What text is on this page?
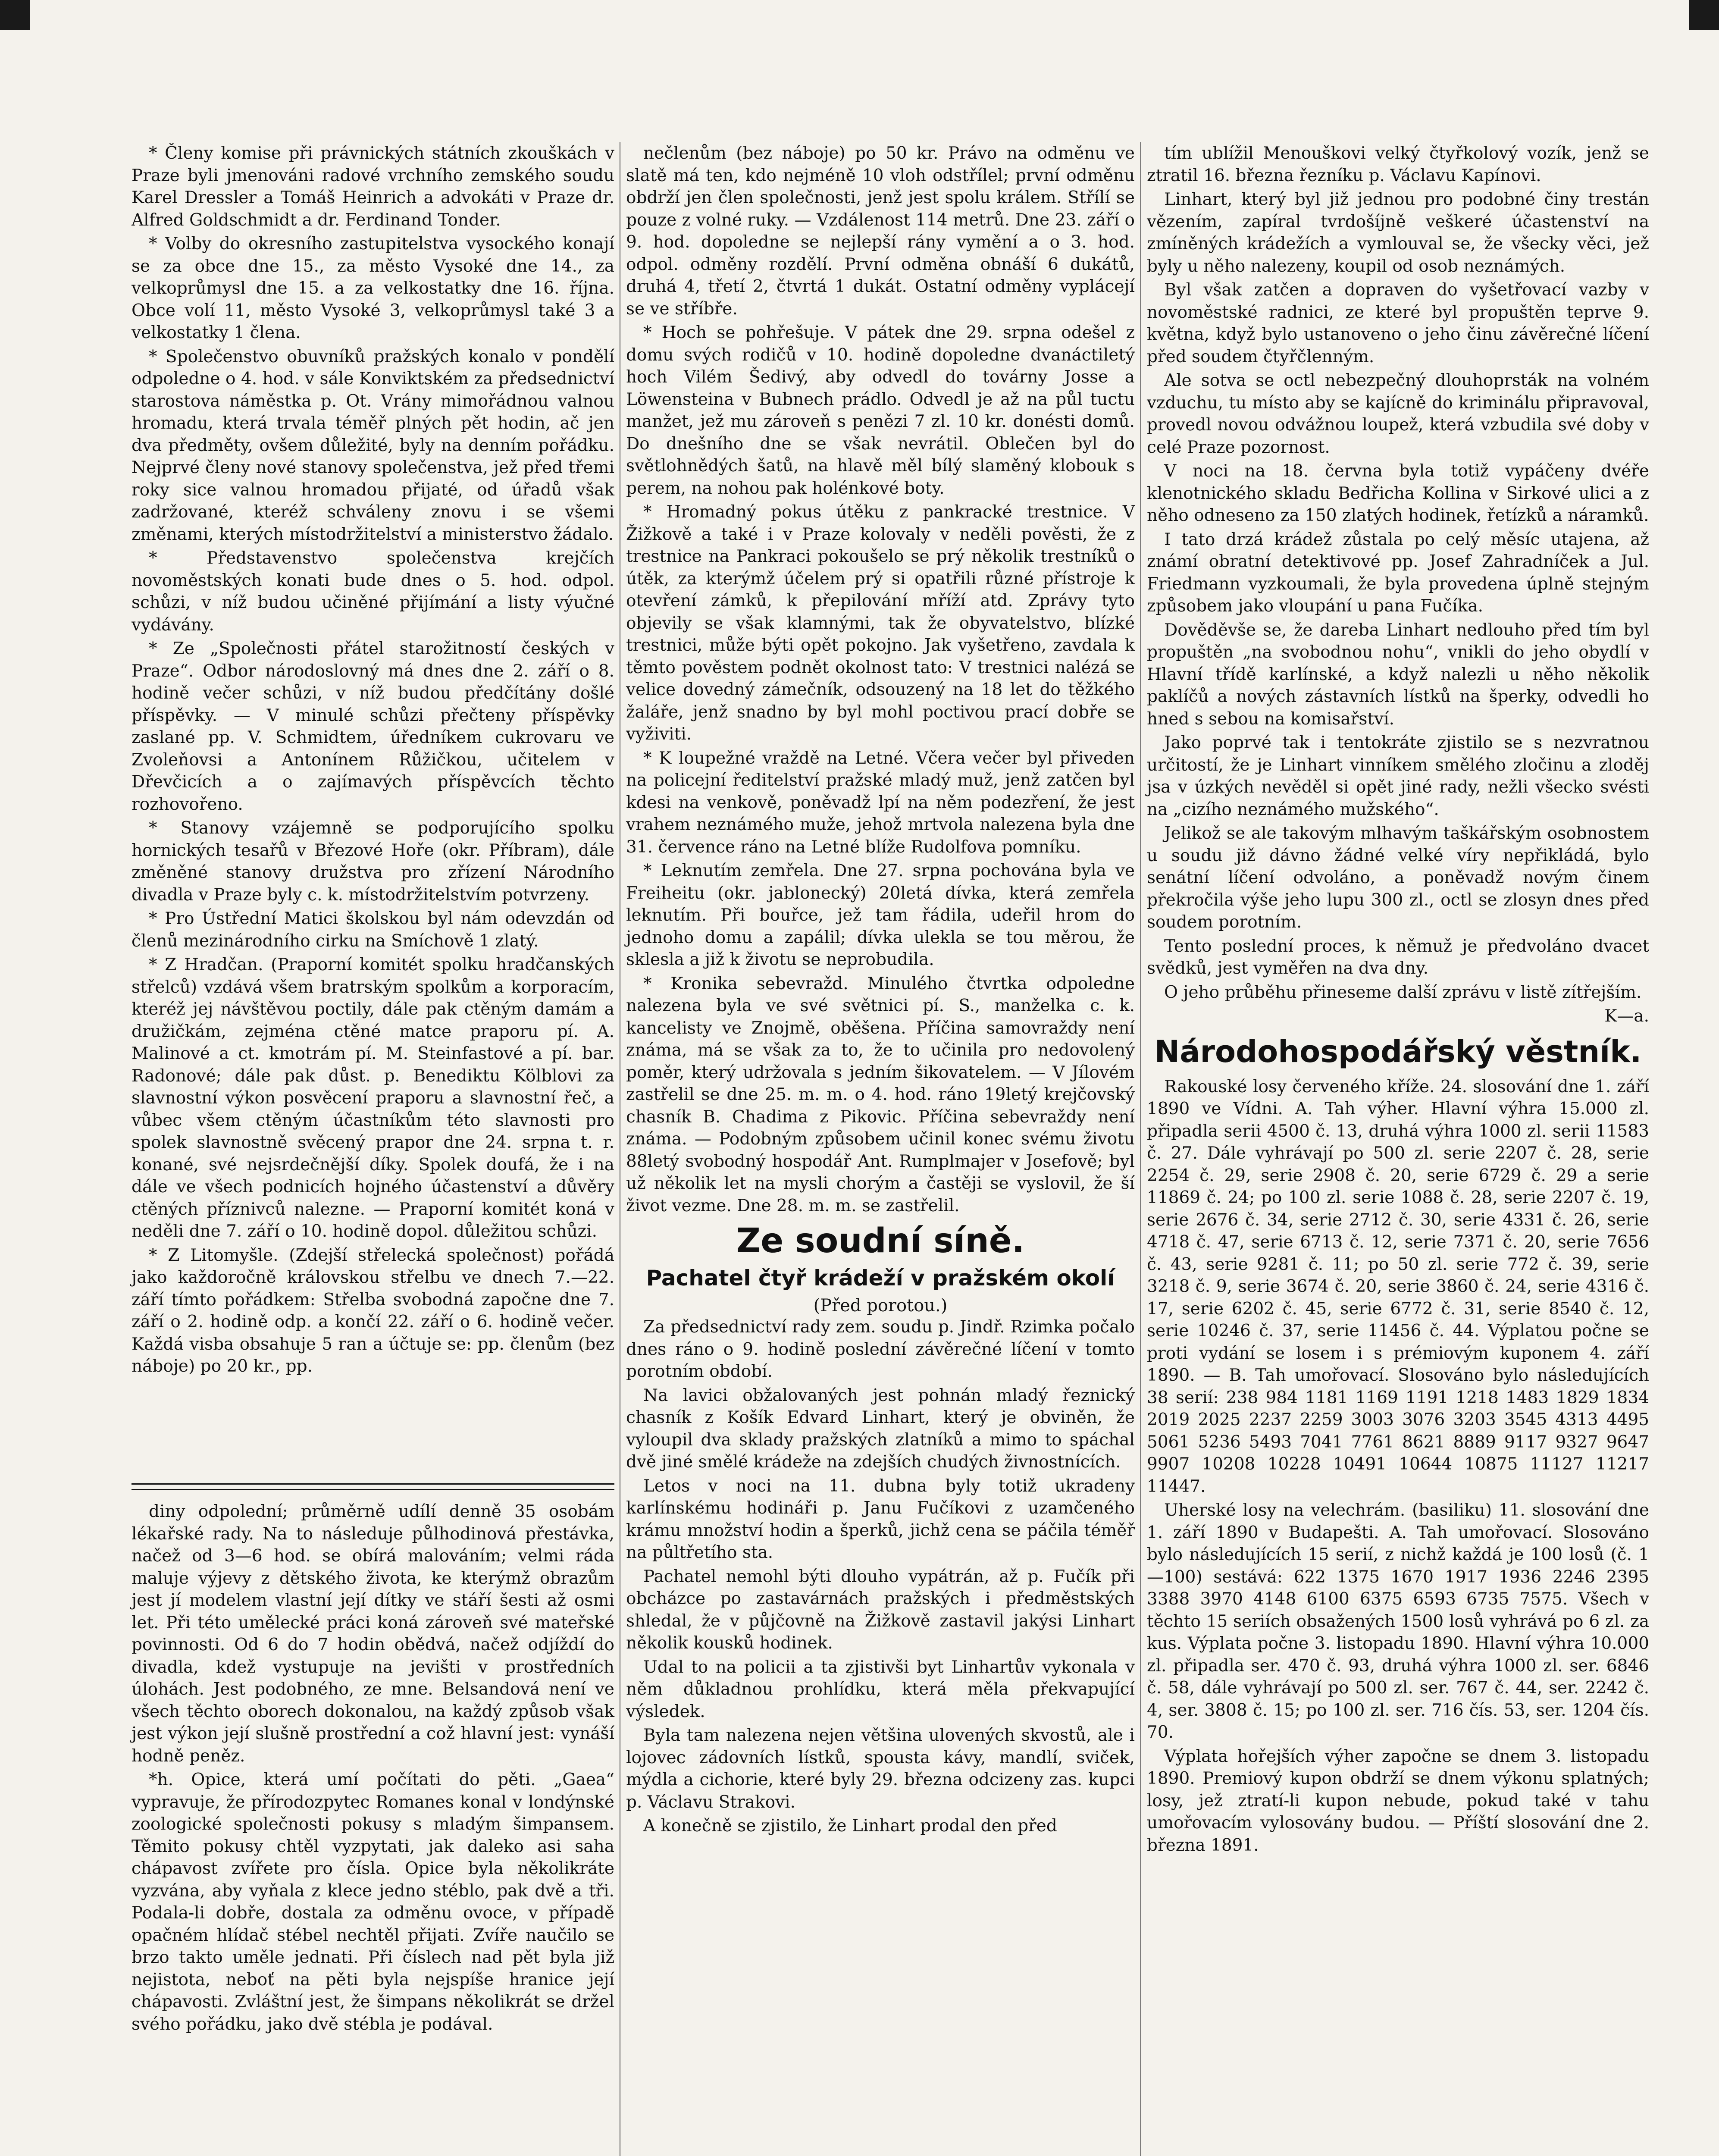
* Členy komise při právnických státních zkouškách v Praze byli jmenováni radové vrchního zemského soudu Karel Dressler a Tomáš Heinrich a advokáti v Praze dr. Alfred Goldschmidt a dr. Ferdinand Tonder.

* Volby do okresního zastupitelstva vysockého konají se za obce dne 15., za město Vysoké dne 14., za velkoprůmysl dne 15. a za velkostatky dne 16. října. Obce volí 11, město Vysoké 3, velkoprůmysl také 3 a velkostatky 1 člena.

* Společenstvo obuvníků pražských konalo v pondělí odpoledne o 4. hod. v sále Konviktském za předsednictví starostova náměstka p. Ot. Vrány mimořádnou valnou hromadu, která trvala téměř plných pět hodin, ač jen dva předměty, ovšem důležité, byly na denním pořádku. Nejprvé členy nové stanovy společenstva, jež před třemi roky sice valnou hromadou přijaté, od úřadů však zadržované, kteréž schváleny znovu i se všemi změnami, kterých místodržitelství a ministerstvo žádalo.

* Představenstvo společenstva krejčích novoměstských konati bude dnes o 5. hod. odpol. schůzi, v níž budou učiněné přijímání a listy výučné vydávány.

* Ze „Společnosti přátel starožitností českých v Praze“. Odbor národoslovný má dnes dne 2. září o 8. hodině večer schůzi, v níž budou předčítány došlé příspěvky. — V minulé schůzi přečteny příspěvky zaslané pp. V. Schmidtem, úředníkem cukrovaru ve Zvoleňovsi a Antonínem Růžičkou, učitelem v Dřevčicích a o zajímavých příspěvcích těchto rozhovořeno.

* Stanovy vzájemně se podporujícího spolku hornických tesařů v Březové Hoře (okr. Příbram), dále změněné stanovy družstva pro zřízení Národního divadla v Praze byly c. k. místodržitelstvím potvrzeny.

* Pro Ústřední Matici školskou byl nám odevzdán od členů mezinárodního cirku na Smíchově 1 zlatý.

* Z Hradčan. (Praporní komitét spolku hradčanských střelců) vzdává všem bratrským spolkům a korporacím, kteréž jej návštěvou poctily, dále pak ctěným damám a družičkám, zejména ctěné matce praporu pí. A. Malinové a ct. kmotrám pí. M. Steinfastové a pí. bar. Radonové; dále pak důst. p. Benediktu Kölblovi za slavnostní výkon posvěcení praporu a slavnostní řeč, a vůbec všem ctěným účastníkům této slavnosti pro spolek slavnostně svěcený prapor dne 24. srpna t. r. konané, své nejsrdečnější díky. Spolek doufá, že i na dále ve všech podnicích hojného účastenství a důvěry ctěných příznivců nalezne. — Praporní komitét koná v neděli dne 7. září o 10. hodině dopol. důležitou schůzi.

* Z Litomyšle. (Zdejší střelecká společnost) pořádá jako každoročně královskou střelbu ve dnech 7.—22. září tímto pořádkem: Střelba svobodná započne dne 7. září o 2. hodině odp. a končí 22. září o 6. hodině večer. Každá visba obsahuje 5 ran a účtuje se: pp. členům (bez náboje) po 20 kr., pp.

diny odpolední; průměrně udílí denně 35 osobám lékařské rady. Na to následuje půlhodinová přestávka, načež od 3—6 hod. se obírá malováním; velmi ráda maluje výjevy z dětského života, ke kterýmž obrazům jest jí modelem vlastní její dítky ve stáří šesti až osmi let. Při této umělecké práci koná zároveň své mateřské povinnosti. Od 6 do 7 hodin obědvá, načež odjíždí do divadla, kdež vystupuje na jevišti v prostředních úlohách. Jest podobného, ze mne. Belsandová není ve všech těchto oborech dokonalou, na každý způsob však jest výkon její slušně prostřední a což hlavní jest: vynáší hodně peněz.

*h. Opice, která umí počítati do pěti. „Gaea“ vypravuje, že přírodozpytec Romanes konal v londýnské zoologické společnosti pokusy s mladým šimpansem. Těmito pokusy chtěl vyzpytati, jak daleko asi saha chápavost zvířete pro čísla. Opice byla několikráte vyzvána, aby vyňala z klece jedno stéblo, pak dvě a tři. Podala-li dobře, dostala za odměnu ovoce, v případě opačném hlídač stébel nechtěl přijati. Zvíře naučilo se brzo takto uměle jednati. Při číslech nad pět byla již nejistota, neboť na pěti byla nejspíše hranice její chápavosti. Zvláštní jest, že šimpans několikrát se držel svého pořádku, jako dvě stébla je podával.

nečlenům (bez náboje) po 50 kr. Právo na odměnu ve slatě má ten, kdo nejméně 10 vloh odstřílel; první odměnu obdrží jen člen společnosti, jenž jest spolu králem. Střílí se pouze z volné ruky. — Vzdálenost 114 metrů. Dne 23. září o 9. hod. dopoledne se nejlepší rány vymění a o 3. hod. odpol. odměny rozdělí. První odměna obnáší 6 dukátů, druhá 4, třetí 2, čtvrtá 1 dukát. Ostatní odměny vyplácejí se ve stříbře.

* Hoch se pohřešuje. V pátek dne 29. srpna odešel z domu svých rodičů v 10. hodině dopoledne dvanáctiletý hoch Vilém Šedivý, aby odvedl do továrny Josse a Löwensteina v Bubnech prádlo. Odvedl je až na půl tuctu manžet, jež mu zároveň s penězi 7 zl. 10 kr. donésti domů. Do dnešního dne se však nevrátil. Oblečen byl do světlohnědých šatů, na hlavě měl bílý slaměný klobouk s perem, na nohou pak holénkové boty.

* Hromadný pokus útěku z pankracké trestnice. V Žižkově a také i v Praze kolovaly v neděli pověsti, že z trestnice na Pankraci pokoušelo se prý několik trestníků o útěk, za kterýmž účelem prý si opatřili různé přístroje k otevření zámků, k přepilování mříží atd. Zprávy tyto objevily se však klamnými, tak že obyvatelstvo, blízké trestnici, může býti opět pokojno. Jak vyšetřeno, zavdala k těmto pověstem podnět okolnost tato: V trestnici nalézá se velice dovedný zámečník, odsouzený na 18 let do těžkého žaláře, jenž snadno by byl mohl poctivou prací dobře se vyživiti.

* K loupežné vraždě na Letné. Včera večer byl přiveden na policejní ředitelství pražské mladý muž, jenž zatčen byl kdesi na venkově, poněvadž lpí na něm podezření, že jest vrahem neznámého muže, jehož mrtvola nalezena byla dne 31. července ráno na Letné blíže Rudolfova pomníku.

* Leknutím zemřela. Dne 27. srpna pochována byla ve Freiheitu (okr. jablonecký) 20letá dívka, která zemřela leknutím. Při bouřce, jež tam řádila, udeřil hrom do jednoho domu a zapálil; dívka ulekla se tou měrou, že sklesla a již k životu se neprobudila.

* Kronika sebevražd. Minulého čtvrtka odpoledne nalezena byla ve své světnici pí. S., manželka c. k. kancelisty ve Znojmě, oběšena. Příčina samovraždy není známa, má se však za to, že to učinila pro nedovolený poměr, který udržovala s jedním šikovatelem. — V Jílovém zastřelil se dne 25. m. m. o 4. hod. ráno 19letý krejčovský chasník B. Chadima z Pikovic. Příčina sebevraždy není známa. — Podobným způsobem učinil konec svému životu 88letý svobodný hospodář Ant. Rumplmajer v Josefově; byl už několik let na mysli chorým a častěji se vyslovil, že ší život vezme. Dne 28. m. m. se zastřelil.

Ze soudní síně.
Pachatel čtyř krádeží v pražském okolí
(Před porotou.)

Za předsednictví rady zem. soudu p. Jindř. Rzimka počalo dnes ráno o 9. hodině poslední závěrečné líčení v tomto porotním období.

Na lavici obžalovaných jest pohnán mladý řeznický chasník z Košík Edvard Linhart, který je obviněn, že vyloupil dva sklady pražských zlatníků a mimo to spáchal dvě jiné smělé krádeže na zdejších chudých živnostnících.

Letos v noci na 11. dubna byly totiž ukradeny karlínskému hodináři p. Janu Fučíkovi z uzamčeného krámu množství hodin a šperků, jichž cena se páčila téměř na půltřetího sta.

Pachatel nemohl býti dlouho vypátrán, až p. Fučík při obcházce po zastavárnách pražských i předměstských shledal, že v půjčovně na Žižkově zastavil jakýsi Linhart několik kousků hodinek.

Udal to na policii a ta zjistivši byt Linhartův vykonala v něm důkladnou prohlídku, která měla překvapující výsledek.

Byla tam nalezena nejen většina ulovených skvostů, ale i lojovec zádovních lístků, spousta kávy, mandlí, sviček, mýdla a cichorie, které byly 29. března odcizeny zas. kupci p. Václavu Strakovi.

A konečně se zjistilo, že Linhart prodal den před

tím ublížil Menouškovi velký čtyřkolový vozík, jenž se ztratil 16. března řezníku p. Václavu Kapínovi.

Linhart, který byl již jednou pro podobné činy trestán vězením, zapíral tvrdošíjně veškeré účastenství na zmíněných krádežích a vymlouval se, že všecky věci, jež byly u něho nalezeny, koupil od osob neznámých.

Byl však zatčen a dopraven do vyšetřovací vazby v novoměstské radnici, ze které byl propuštěn teprve 9. května, když bylo ustanoveno o jeho činu závěrečné líčení před soudem čtyřčlenným.

Ale sotva se octl nebezpečný dlouhoprsták na volném vzduchu, tu místo aby se kajícně do kriminálu připravoval, provedl novou odvážnou loupež, která vzbudila své doby v celé Praze pozornost.

V noci na 18. června byla totiž vypáčeny dvéře klenotnického skladu Bedřicha Kollina v Sirkové ulici a z něho odneseno za 150 zlatých hodinek, řetízků a náramků.

I tato drzá krádež zůstala po celý měsíc utajena, až známí obratní detektivové pp. Josef Zahradníček a Jul. Friedmann vyzkoumali, že byla provedena úplně stejným způsobem jako vloupání u pana Fučíka.

Dověděvše se, že dareba Linhart nedlouho před tím byl propuštěn „na svobodnou nohu“, vnikli do jeho obydlí v Hlavní třídě karlínské, a když nalezli u něho několik paklíčů a nových zástavních lístků na šperky, odvedli ho hned s sebou na komisařství.

Jako poprvé tak i tentokráte zjistilo se s nezvratnou určitostí, že je Linhart vinníkem smělého zločinu a zloděj jsa v úzkých nevěděl si opět jiné rady, nežli všecko svésti na „cizího neznámého mužského“.

Jelikož se ale takovým mlhavým taškářským osobnostem u soudu již dávno žádné velké víry nepřikládá, bylo senátní líčení odvoláno, a poněvadž novým činem překročila výše jeho lupu 300 zl., octl se zlosyn dnes před soudem porotním.

Tento poslední proces, k němuž je předvoláno dvacet svědků, jest vyměřen na dva dny.

O jeho průběhu přineseme další zprávu v listě zítřejším.

K—a.

Národohospodářský věstník.

Rakouské losy červeného kříže. 24. slosování dne 1. září 1890 ve Vídni. A. Tah výher. Hlavní výhra 15.000 zl. připadla serii 4500 č. 13, druhá výhra 1000 zl. serii 11583 č. 27. Dále vyhrávají po 500 zl. serie 2207 č. 28, serie 2254 č. 29, serie 2908 č. 20, serie 6729 č. 29 a serie 11869 č. 24; po 100 zl. serie 1088 č. 28, serie 2207 č. 19, serie 2676 č. 34, serie 2712 č. 30, serie 4331 č. 26, serie 4718 č. 47, serie 6713 č. 12, serie 7371 č. 20, serie 7656 č. 43, serie 9281 č. 11; po 50 zl. serie 772 č. 39, serie 3218 č. 9, serie 3674 č. 20, serie 3860 č. 24, serie 4316 č. 17, serie 6202 č. 45, serie 6772 č. 31, serie 8540 č. 12, serie 10246 č. 37, serie 11456 č. 44. Výplatou počne se proti vydání se losem i s prémiovým kuponem 4. září 1890. — B. Tah umořovací. Slosováno bylo následujících 38 serií: 238 984 1181 1169 1191 1218 1483 1829 1834 2019 2025 2237 2259 3003 3076 3203 3545 4313 4495 5061 5236 5493 7041 7761 8621 8889 9117 9327 9647 9907 10208 10228 10491 10644 10875 11127 11217 11447.

Uherské losy na velechrám. (basiliku) 11. slosování dne 1. září 1890 v Budapešti. A. Tah umořovací. Slosováno bylo následujících 15 serií, z nichž každá je 100 losů (č. 1—100) sestává: 622 1375 1670 1917 1936 2246 2395 3388 3970 4148 6100 6375 6593 6735 7575. Všech v těchto 15 seriích obsažených 1500 losů vyhrává po 6 zl. za kus. Výplata počne 3. listopadu 1890. Hlavní výhra 10.000 zl. připadla ser. 470 č. 93, druhá výhra 1000 zl. ser. 6846 č. 58, dále vyhrávají po 500 zl. ser. 767 č. 44, ser. 2242 č. 4, ser. 3808 č. 15; po 100 zl. ser. 716 čís. 53, ser. 1204 čís. 70.

Výplata hořejších výher započne se dnem 3. listopadu 1890. Premiový kupon obdrží se dnem výkonu splatných; losy, jež ztratí-li kupon nebude, pokud také v tahu umořovacím vylosovány budou. — Příští slosování dne 2. března 1891.
